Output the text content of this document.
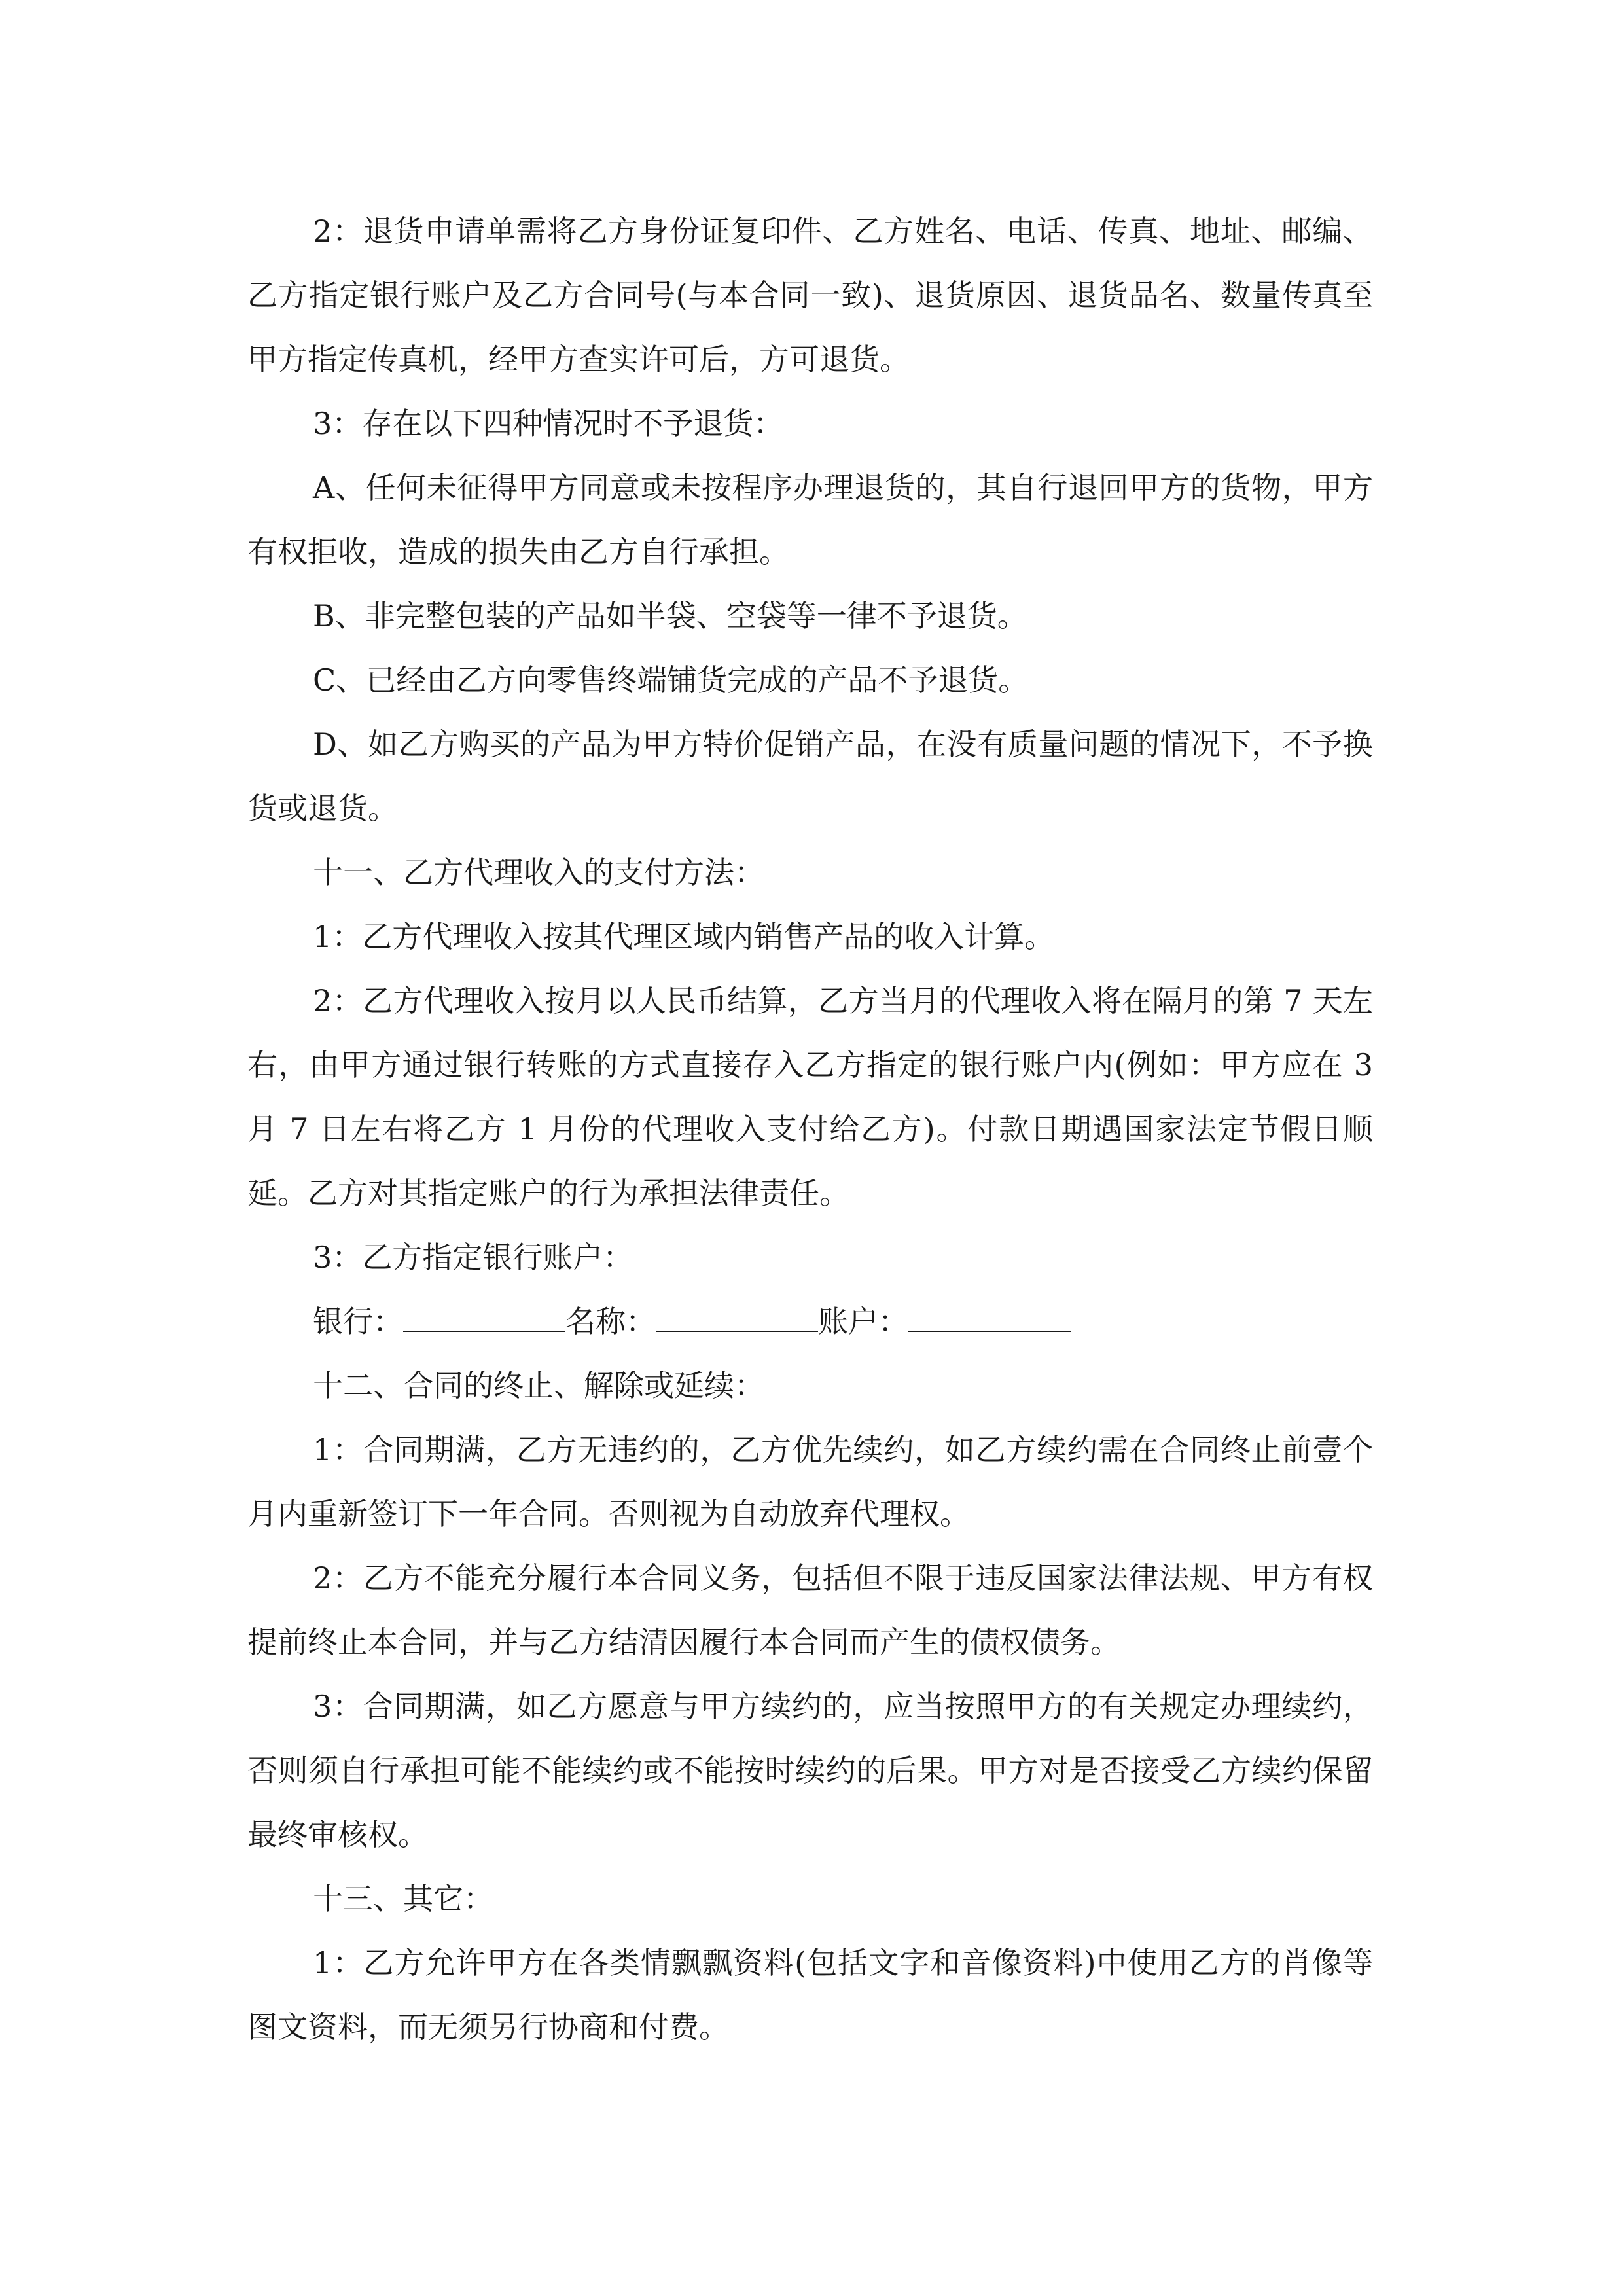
2：退货申请单需将乙方身份证复印件、乙方姓名、电话、传真、地址、邮编、乙方指定银行账户及乙方合同号(与本合同一致)、退货原因、退货品名、数量传真至甲方指定传真机，经甲方查实许可后，方可退货。

3：存在以下四种情况时不予退货：

A、任何未征得甲方同意或未按程序办理退货的，其自行退回甲方的货物，甲方有权拒收，造成的损失由乙方自行承担。

B、非完整包装的产品如半袋、空袋等一律不予退货。

C、已经由乙方向零售终端铺货完成的产品不予退货。

D、如乙方购买的产品为甲方特价促销产品，在没有质量问题的情况下，不予换货或退货。

十一、乙方代理收入的支付方法：

1：乙方代理收入按其代理区域内销售产品的收入计算。

2：乙方代理收入按月以人民币结算，乙方当月的代理收入将在隔月的第 7 天左右，由甲方通过银行转账的方式直接存入乙方指定的银行账户内(例如：甲方应在 3 月 7 日左右将乙方 1 月份的代理收入支付给乙方)。付款日期遇国家法定节假日顺延。乙方对其指定账户的行为承担法律责任。

3：乙方指定银行账户：

银行：	名称：	账户：

十二、合同的终止、解除或延续：

1：合同期满，乙方无违约的，乙方优先续约，如乙方续约需在合同终止前壹个月内重新签订下一年合同。否则视为自动放弃代理权。

2：乙方不能充分履行本合同义务，包括但不限于违反国家法律法规、甲方有权提前终止本合同，并与乙方结清因履行本合同而产生的债权债务。

3：合同期满，如乙方愿意与甲方续约的，应当按照甲方的有关规定办理续约，否则须自行承担可能不能续约或不能按时续约的后果。甲方对是否接受乙方续约保留最终审核权。

十三、其它：

1：乙方允许甲方在各类情飘飘资料(包括文字和音像资料)中使用乙方的肖像等图文资料，而无须另行协商和付费。
